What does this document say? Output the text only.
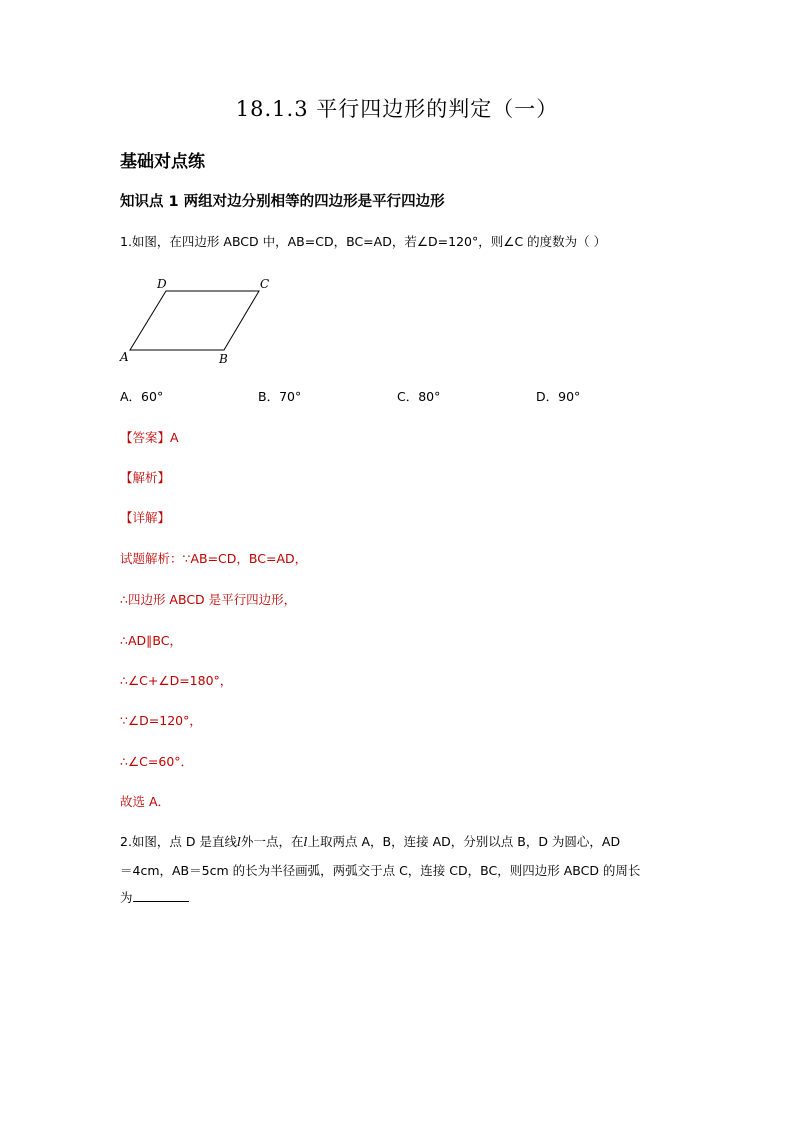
18.1.3 平行四边形的判定（一）
基础对点练
知识点 1 两组对边分别相等的四边形是平行四边形
1.如图，在四边形 ABCD 中，AB=CD，BC=AD，若∠D=120°，则∠C 的度数为（ ）
D	C
A	B
A．60°	B．70°	C．80°	D．90°
【答案】A
【解析】
【详解】
试题解析：∵AB=CD，BC=AD，
∴四边形 ABCD 是平行四边形，
∴AD∥BC，
∴∠C+∠D=180°，
∵∠D=120°，
∴∠C=60°．
故选 A．
2.如图，点 D 是直线l外一点，在l上取两点 A，B，连接 AD，分别以点 B，D 为圆心，AD
＝4cm，AB＝5cm 的长为半径画弧，两弧交于点 C，连接 CD，BC，则四边形 ABCD 的周长
为
